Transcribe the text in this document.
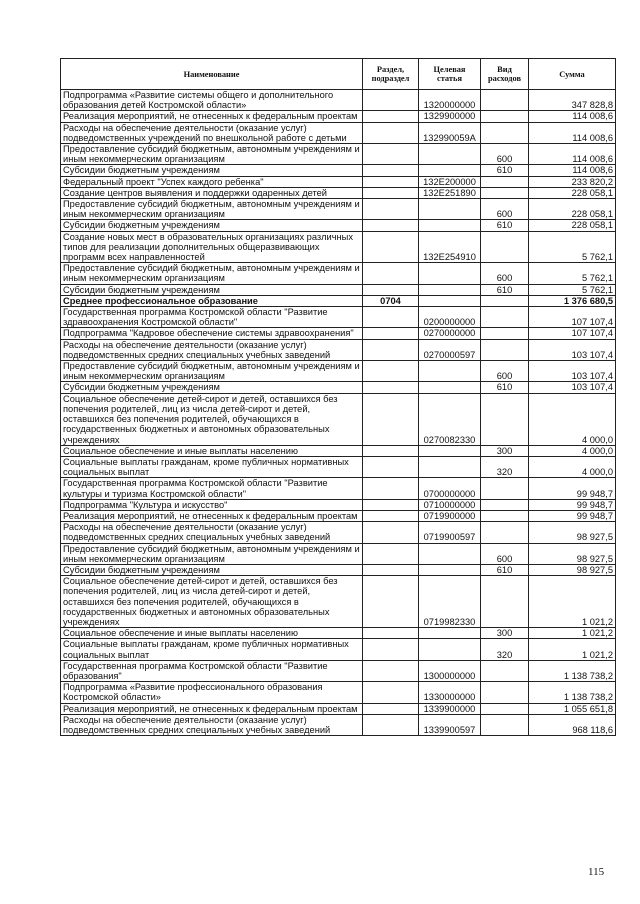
Наименование	Раздел, подраздел	Целевая статья	Вид расходов	Сумма
Подпрограмма «Развитие системы общего и дополнительного образования детей Костромской области»		1320000000		347 828,8
Реализация мероприятий, не отнесенных к федеральным проектам		1329900000		114 008,6
Расходы на обеспечение деятельности (оказание услуг) подведомственных учреждений по внешкольной работе с детьми		132990059А		114 008,6
Предоставление субсидий бюджетным, автономным учреждениям и иным некоммерческим организациям			600	114 008,6
Субсидии бюджетным учреждениям			610	114 008,6
Федеральный проект "Успех каждого ребенка"		132E200000		233 820,2
Создание центров выявления и поддержки одаренных детей		132E251890		228 058,1
Предоставление субсидий бюджетным, автономным учреждениям и иным некоммерческим организациям			600	228 058,1
Субсидии бюджетным учреждениям			610	228 058,1
Создание новых мест в образовательных организациях различных типов для реализации дополнительных общеразвивающих программ всех направленностей		132E254910		5 762,1
Предоставление субсидий бюджетным, автономным учреждениям и иным некоммерческим организациям			600	5 762,1
Субсидии бюджетным учреждениям			610	5 762,1
Среднее профессиональное образование	0704			1 376 680,5
Государственная программа Костромской области "Развитие здравоохранения Костромской области"		0200000000		107 107,4
Подпрограмма "Кадровое обеспечение системы здравоохранения"		0270000000		107 107,4
Расходы на обеспечение деятельности (оказание услуг) подведомственных средних специальных учебных заведений		0270000597		103 107,4
Предоставление субсидий бюджетным, автономным учреждениям и иным некоммерческим организациям			600	103 107,4
Субсидии бюджетным учреждениям			610	103 107,4
Социальное обеспечение детей-сирот и детей, оставшихся без попечения родителей, лиц из числа детей-сирот и детей, оставшихся без попечения родителей, обучающихся в государственных бюджетных и автономных образовательных учреждениях		0270082330		4 000,0
Социальное обеспечение и иные выплаты населению			300	4 000,0
Социальные выплаты гражданам, кроме публичных нормативных социальных выплат			320	4 000,0
Государственная программа Костромской области "Развитие культуры и туризма Костромской области"		0700000000		99 948,7
Подпрограмма "Культура и искусство"		0710000000		99 948,7
Реализация мероприятий, не отнесенных к федеральным проектам		0719900000		99 948,7
Расходы на обеспечение деятельности (оказание услуг) подведомственных средних специальных учебных заведений		0719900597		98 927,5
Предоставление субсидий бюджетным, автономным учреждениям и иным некоммерческим организациям			600	98 927,5
Субсидии бюджетным учреждениям			610	98 927,5
Социальное обеспечение детей-сирот и детей, оставшихся без попечения родителей, лиц из числа детей-сирот и детей, оставшихся без попечения родителей, обучающихся в государственных бюджетных и автономных образовательных учреждениях		0719982330		1 021,2
Социальное обеспечение и иные выплаты населению			300	1 021,2
Социальные выплаты гражданам, кроме публичных нормативных социальных выплат			320	1 021,2
Государственная программа Костромской области "Развитие образования"		1300000000		1 138 738,2
Подпрограмма «Развитие профессионального образования Костромской области»		1330000000		1 138 738,2
Реализация мероприятий, не отнесенных к федеральным проектам		1339900000		1 055 651,8
Расходы на обеспечение деятельности (оказание услуг) подведомственных средних специальных учебных заведений		1339900597		968 118,6
115
